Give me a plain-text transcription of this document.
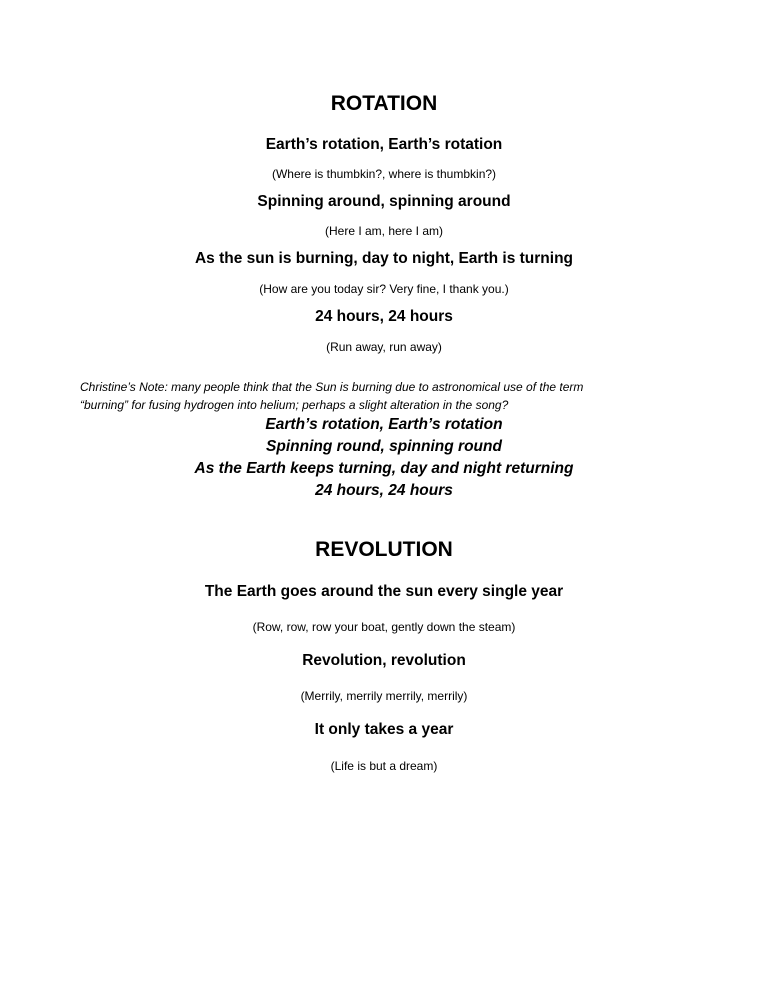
ROTATION
Earth’s rotation, Earth’s rotation
(Where is thumbkin?, where is thumbkin?)
Spinning around, spinning around
(Here I am, here I am)
As the sun is burning, day to night, Earth is turning
(How are you today sir? Very fine, I thank you.)
24 hours, 24 hours
(Run away, run away)
Christine’s Note: many people think that the Sun is burning due to astronomical use of the term
“burning” for fusing hydrogen into helium; perhaps a slight alteration in the song?
Earth’s rotation, Earth’s rotation
Spinning round, spinning round
As the Earth keeps turning, day and night returning
24 hours, 24 hours
REVOLUTION
The Earth goes around the sun every single year
(Row, row, row your boat, gently down the steam)
Revolution, revolution
(Merrily, merrily merrily, merrily)
It only takes a year
(Life is but a dream)
